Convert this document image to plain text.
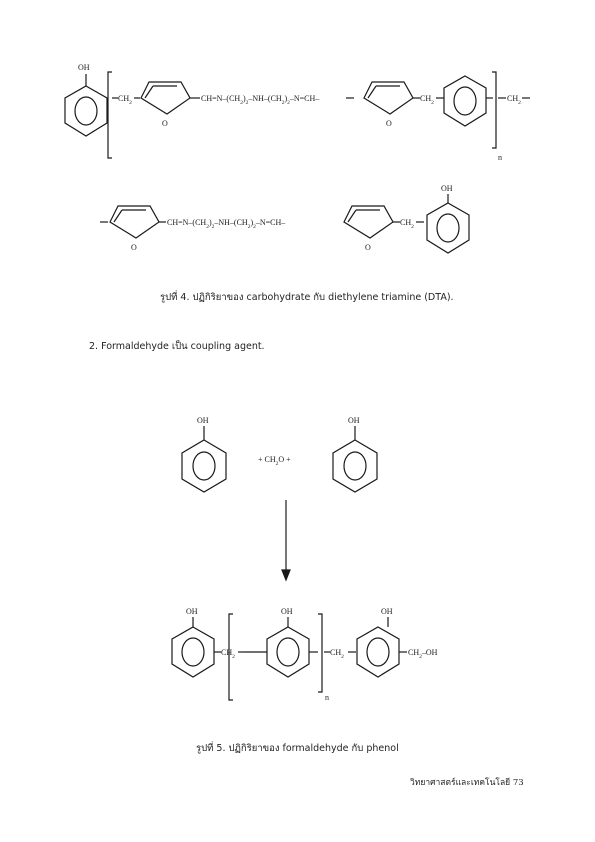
OH
$CH_2$
O
$CH=N-(CH_2)_2-NH-(CH_2)_2-N=CH-$
O
$CH_2$	$CH_2$
n
$CH=N-(CH_2)_2-NH-(CH_2)_2-N=CH-$
O	O
$CH_2$
OH
OH
+ $CH_2O$ +
OH
OH	OH	OH
$CH_2$	$CH_2$	$CH_2-OH$
n
รูปที่ 4. ปฏิกิริยาของ carbohydrate กับ diethylene triamine (DTA).
2. Formaldehyde เป็น coupling agent.
รูปที่ 5. ปฏิกิริยาของ formaldehyde กับ phenol
วิทยาศาสตร์และเทคโนโลยี 73
